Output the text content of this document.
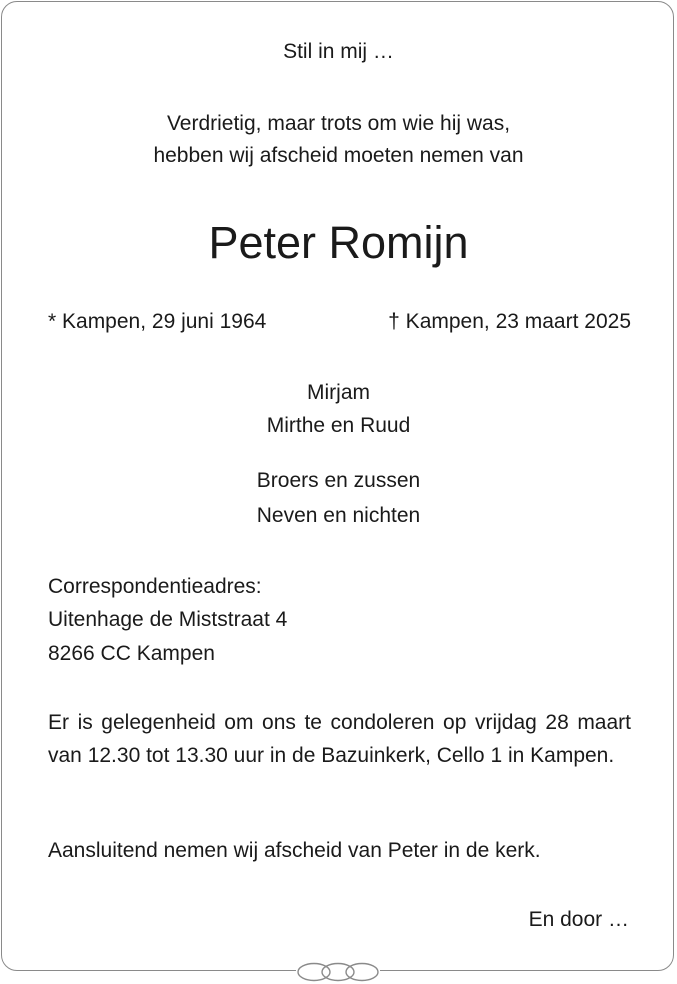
Stil in mij …
Verdrietig, maar trots om wie hij was,
hebben wij afscheid moeten nemen van
Peter Romijn
* Kampen, 29 juni 1964	† Kampen, 23 maart 2025
Mirjam
Mirthe en Ruud
Broers en zussen
Neven en nichten
Correspondentieadres:
Uitenhage de Miststraat 4
8266 CC Kampen
Er is gelegenheid om ons te condoleren op vrijdag 28 maart van 12.30 tot 13.30 uur in de Bazuinkerk, Cello 1 in Kampen.
Aansluitend nemen wij afscheid van Peter in de kerk.
En door …
